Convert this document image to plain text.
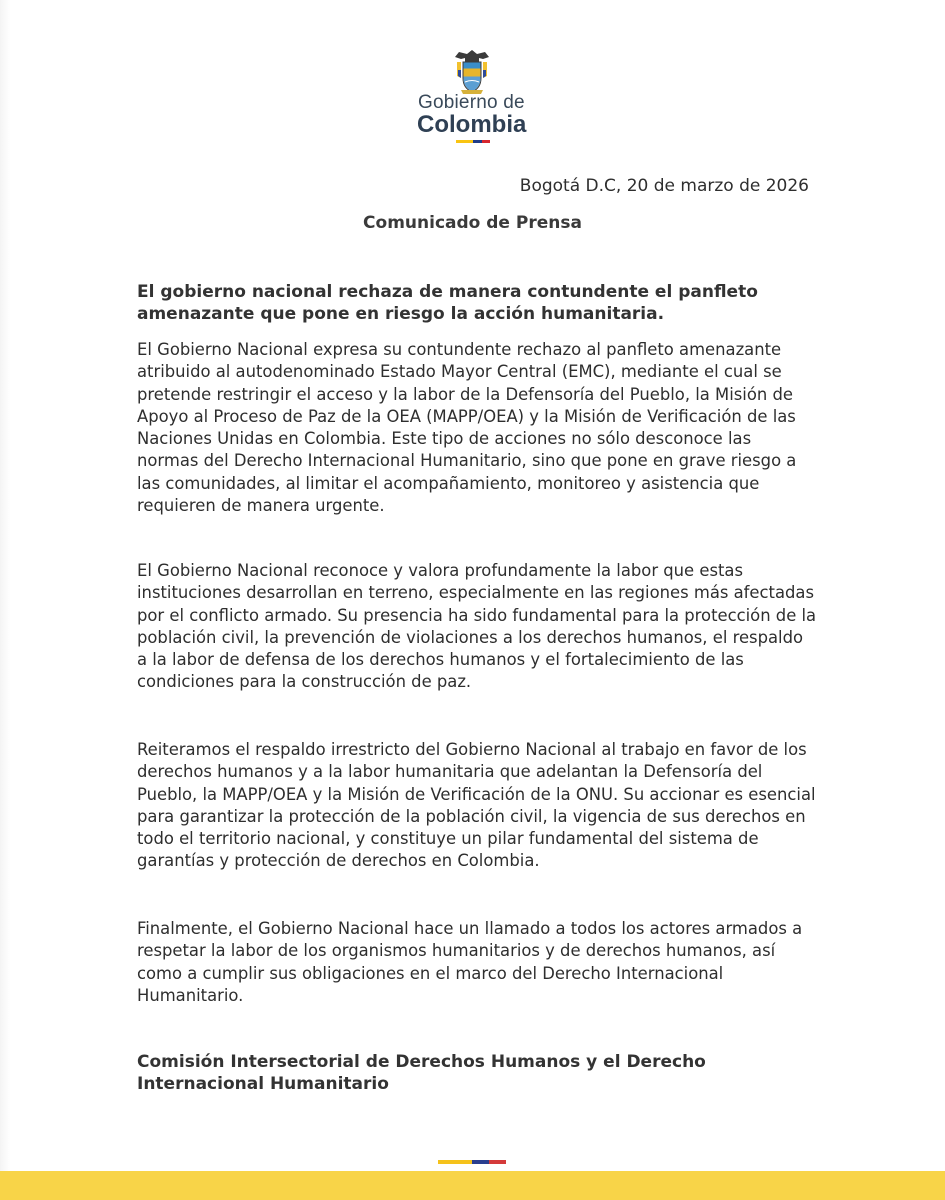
Gobierno de
Colombia
Bogotá D.C, 20 de marzo de 2026
Comunicado de Prensa
El gobierno nacional rechaza de manera contundente el panfleto amenazante que pone en riesgo la acción humanitaria.

El Gobierno Nacional expresa su contundente rechazo al panfleto amenazante atribuido al autodenominado Estado Mayor Central (EMC), mediante el cual se pretende restringir el acceso y la labor de la Defensoría del Pueblo, la Misión de Apoyo al Proceso de Paz de la OEA (MAPP/OEA) y la Misión de Verificación de las Naciones Unidas en Colombia. Este tipo de acciones no sólo desconoce las normas del Derecho Internacional Humanitario, sino que pone en grave riesgo a las comunidades, al limitar el acompañamiento, monitoreo y asistencia que requieren de manera urgente.

El Gobierno Nacional reconoce y valora profundamente la labor que estas instituciones desarrollan en terreno, especialmente en las regiones más afectadas por el conflicto armado. Su presencia ha sido fundamental para la protección de la población civil, la prevención de violaciones a los derechos humanos, el respaldo a la labor de defensa de los derechos humanos y el fortalecimiento de las condiciones para la construcción de paz.

Reiteramos el respaldo irrestricto del Gobierno Nacional al trabajo en favor de los derechos humanos y a la labor humanitaria que adelantan la Defensoría del Pueblo, la MAPP/OEA y la Misión de Verificación de la ONU. Su accionar es esencial para garantizar la protección de la población civil, la vigencia de sus derechos en todo el territorio nacional, y constituye un pilar fundamental del sistema de garantías y protección de derechos en Colombia.

Finalmente, el Gobierno Nacional hace un llamado a todos los actores armados a respetar la labor de los organismos humanitarios y de derechos humanos, así como a cumplir sus obligaciones en el marco del Derecho Internacional Humanitario.

Comisión Intersectorial de Derechos Humanos y el Derecho Internacional Humanitario
